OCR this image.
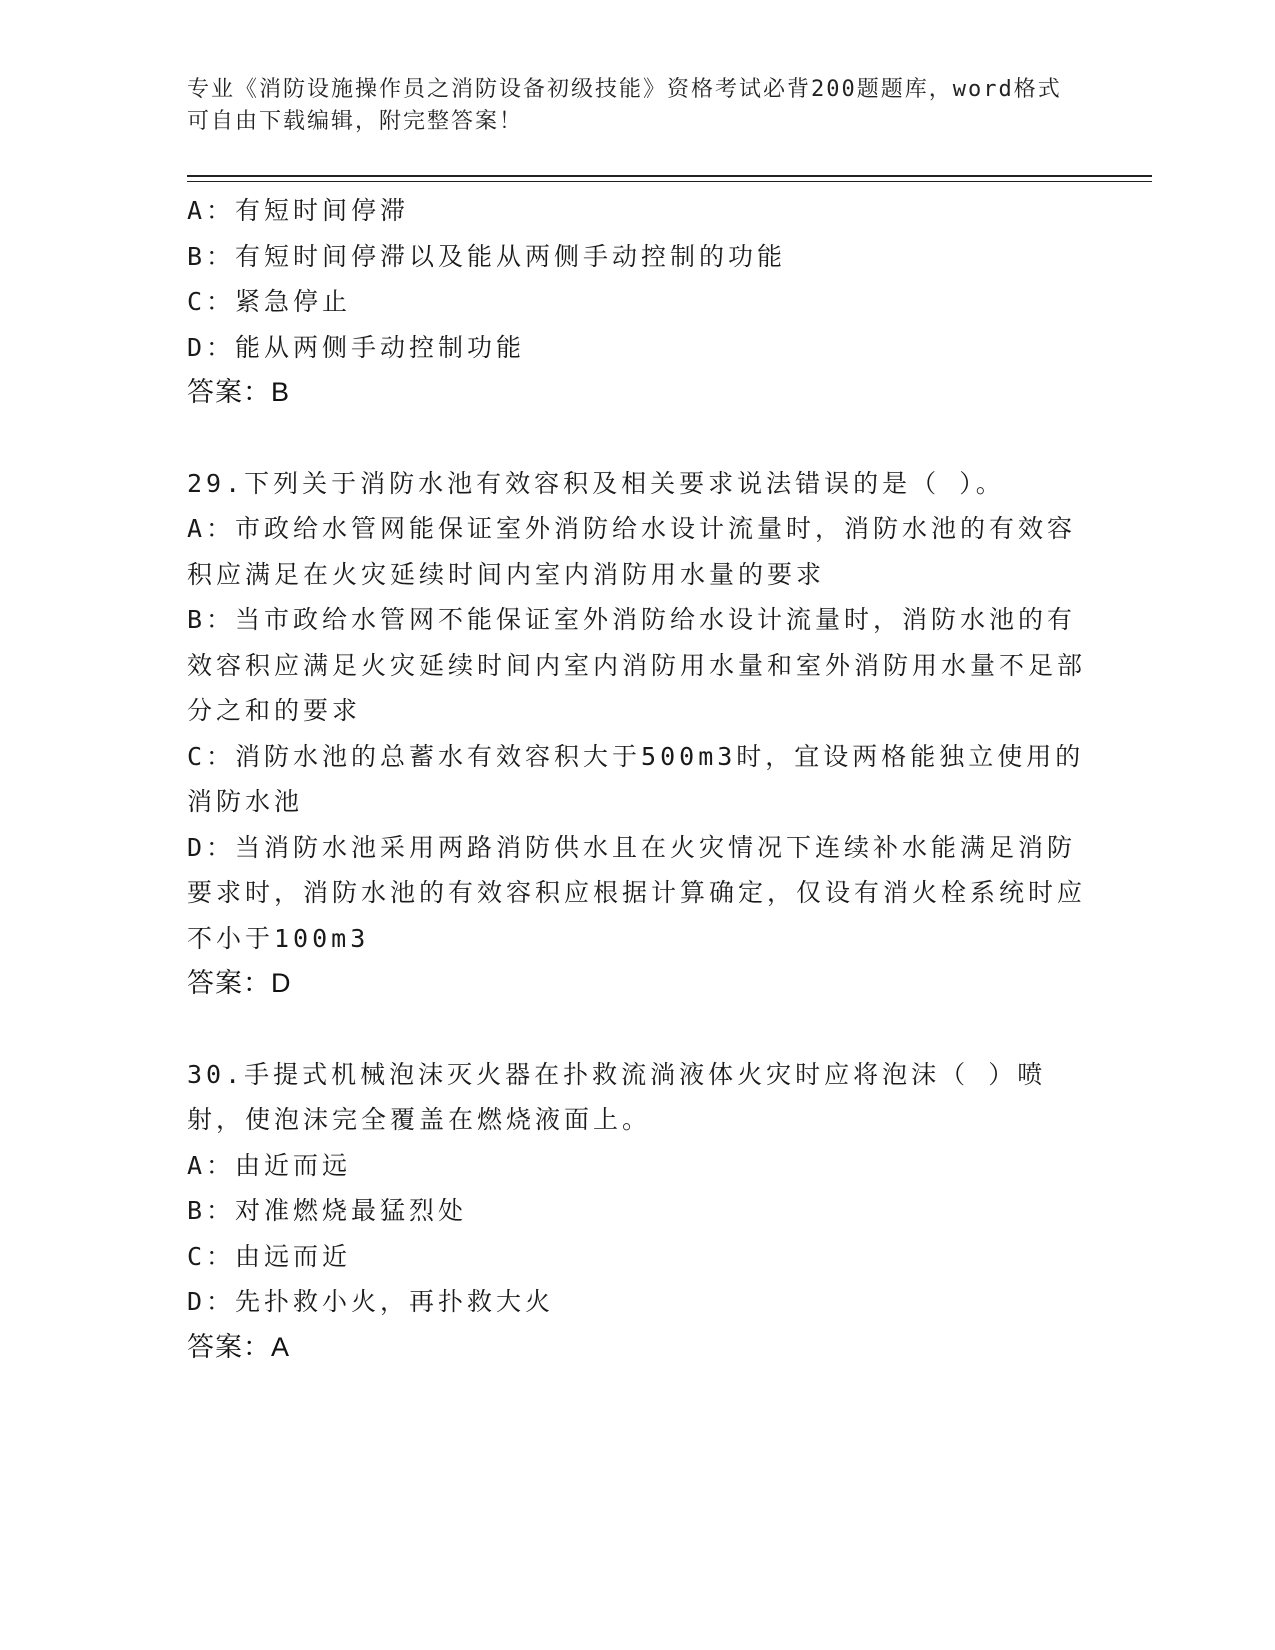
专业《消防设施操作员之消防设备初级技能》资格考试必背200题题库，word格式可自由下载编辑，附完整答案！

A：有短时间停滞

B：有短时间停滞以及能从两侧手动控制的功能

C：紧急停止

D：能从两侧手动控制功能

答案：B

29.下列关于消防水池有效容积及相关要求说法错误的是（ ）。

A：市政给水管网能保证室外消防给水设计流量时，消防水池的有效容积应满足在火灾延续时间内室内消防用水量的要求

B：当市政给水管网不能保证室外消防给水设计流量时，消防水池的有效容积应满足火灾延续时间内室内消防用水量和室外消防用水量不足部分之和的要求

C：消防水池的总蓄水有效容积大于500m3时，宜设两格能独立使用的消防水池

D：当消防水池采用两路消防供水且在火灾情况下连续补水能满足消防要求时，消防水池的有效容积应根据计算确定，仅设有消火栓系统时应不小于100m3

答案：D

30.手提式机械泡沫灭火器在扑救流淌液体火灾时应将泡沫（ ）喷射，使泡沫完全覆盖在燃烧液面上。

A：由近而远

B：对准燃烧最猛烈处

C：由远而近

D：先扑救小火，再扑救大火

答案：A
